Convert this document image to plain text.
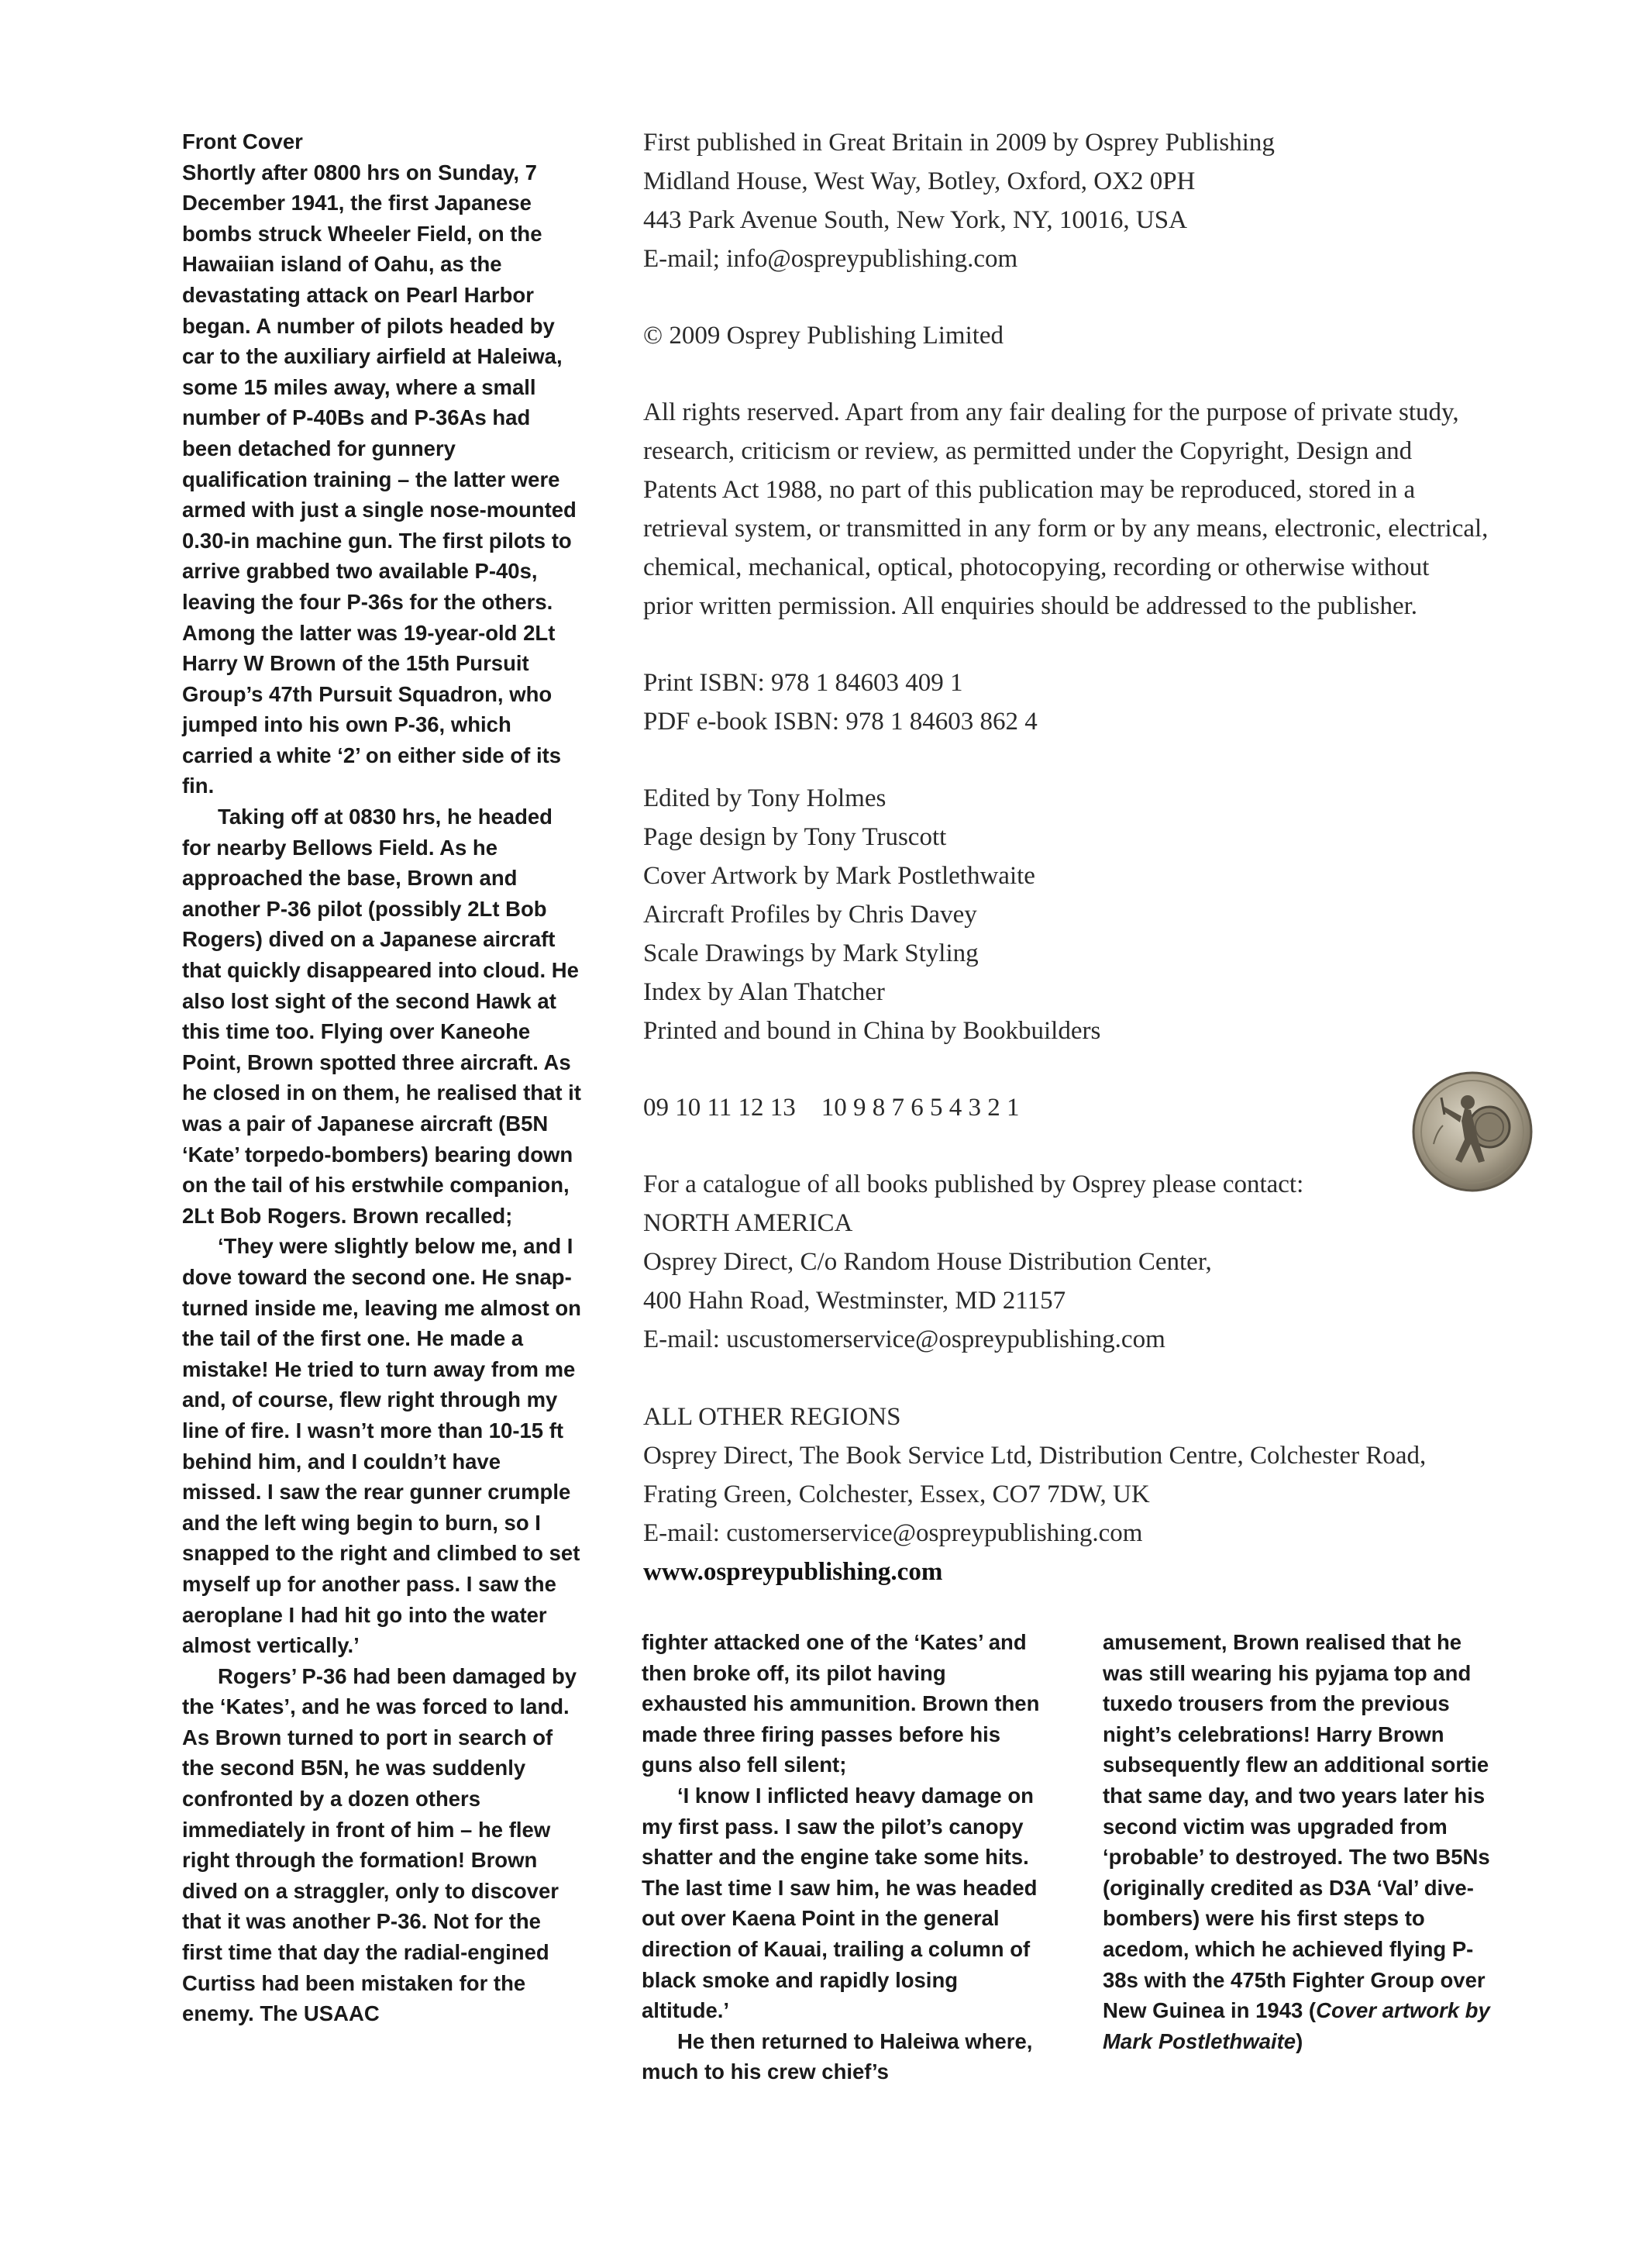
Front Cover

Shortly after 0800 hrs on Sunday, 7 December 1941, the first Japanese bombs struck Wheeler Field, on the Hawaiian island of Oahu, as the devastating attack on Pearl Harbor began. A number of pilots headed by car to the auxiliary airfield at Haleiwa, some 15 miles away, where a small number of P-40Bs and P-36As had been detached for gunnery qualification training – the latter were armed with just a single nose-mounted 0.30-in machine gun. The first pilots to arrive grabbed two available P-40s, leaving the four P-36s for the others. Among the latter was 19-year-old 2Lt Harry W Brown of the 15th Pursuit Group’s 47th Pursuit Squadron, who jumped into his own P-36, which carried a white ‘2’ on either side of its fin.

Taking off at 0830 hrs, he headed for nearby Bellows Field. As he approached the base, Brown and another P-36 pilot (possibly 2Lt Bob Rogers) dived on a Japanese aircraft that quickly disappeared into cloud. He also lost sight of the second Hawk at this time too. Flying over Kaneohe Point, Brown spotted three aircraft. As he closed in on them, he realised that it was a pair of Japanese aircraft (B5N ‘Kate’ torpedo-bombers) bearing down on the tail of his erstwhile companion, 2Lt Bob Rogers. Brown recalled;

‘They were slightly below me, and I dove toward the second one. He snap-turned inside me, leaving me almost on the tail of the first one. He made a mistake! He tried to turn away from me and, of course, flew right through my line of fire. I wasn’t more than 10-15 ft behind him, and I couldn’t have missed. I saw the rear gunner crumple and the left wing begin to burn, so I snapped to the right and climbed to set myself up for another pass. I saw the aeroplane I had hit go into the water almost vertically.’

Rogers’ P-36 had been damaged by the ‘Kates’, and he was forced to land. As Brown turned to port in search of the second B5N, he was suddenly confronted by a dozen others immediately in front of him – he flew right through the formation! Brown dived on a straggler, only to discover that it was another P-36. Not for the first time that day the radial-engined Curtiss had been mistaken for the enemy. The USAAC

First published in Great Britain in 2009 by Osprey Publishing

Midland House, West Way, Botley, Oxford, OX2 0PH

443 Park Avenue South, New York, NY, 10016, USA

E-mail; info@ospreypublishing.com

© 2009 Osprey Publishing Limited

All rights reserved. Apart from any fair dealing for the purpose of private study,

research, criticism or review, as permitted under the Copyright, Design and

Patents Act 1988, no part of this publication may be reproduced, stored in a

retrieval system, or transmitted in any form or by any means, electronic, electrical,

chemical, mechanical, optical, photocopying, recording or otherwise without

prior written permission. All enquiries should be addressed to the publisher.

Print ISBN: 978 1 84603 409 1

PDF e-book ISBN: 978 1 84603 862 4

Edited by Tony Holmes

Page design by Tony Truscott

Cover Artwork by Mark Postlethwaite

Aircraft Profiles by Chris Davey

Scale Drawings by Mark Styling

Index by Alan Thatcher

Printed and bound in China by Bookbuilders

09 10 11 12 13    10 9 8 7 6 5 4 3 2 1

For a catalogue of all books published by Osprey please contact:

NORTH AMERICA

Osprey Direct, C/o Random House Distribution Center,

400 Hahn Road, Westminster, MD 21157

E-mail: uscustomerservice@ospreypublishing.com

ALL OTHER REGIONS

Osprey Direct, The Book Service Ltd, Distribution Centre, Colchester Road,

Frating Green, Colchester, Essex, CO7 7DW, UK

E-mail: customerservice@ospreypublishing.com

www.ospreypublishing.com

fighter attacked one of the ‘Kates’ and then broke off, its pilot having exhausted his ammunition. Brown then made three firing passes before his guns also fell silent;

‘I know I inflicted heavy damage on my first pass. I saw the pilot’s canopy shatter and the engine take some hits. The last time I saw him, he was headed out over Kaena Point in the general direction of Kauai, trailing a column of black smoke and rapidly losing altitude.’

He then returned to Haleiwa where, much to his crew chief’s

amusement, Brown realised that he was still wearing his pyjama top and tuxedo trousers from the previous night’s celebrations! Harry Brown subsequently flew an additional sortie that same day, and two years later his second victim was upgraded from ‘probable’ to destroyed. The two B5Ns (originally credited as D3A ‘Val’ dive-bombers) were his first steps to acedom, which he achieved flying P-38s with the 475th Fighter Group over New Guinea in 1943 (Cover artwork by Mark Postlethwaite)
